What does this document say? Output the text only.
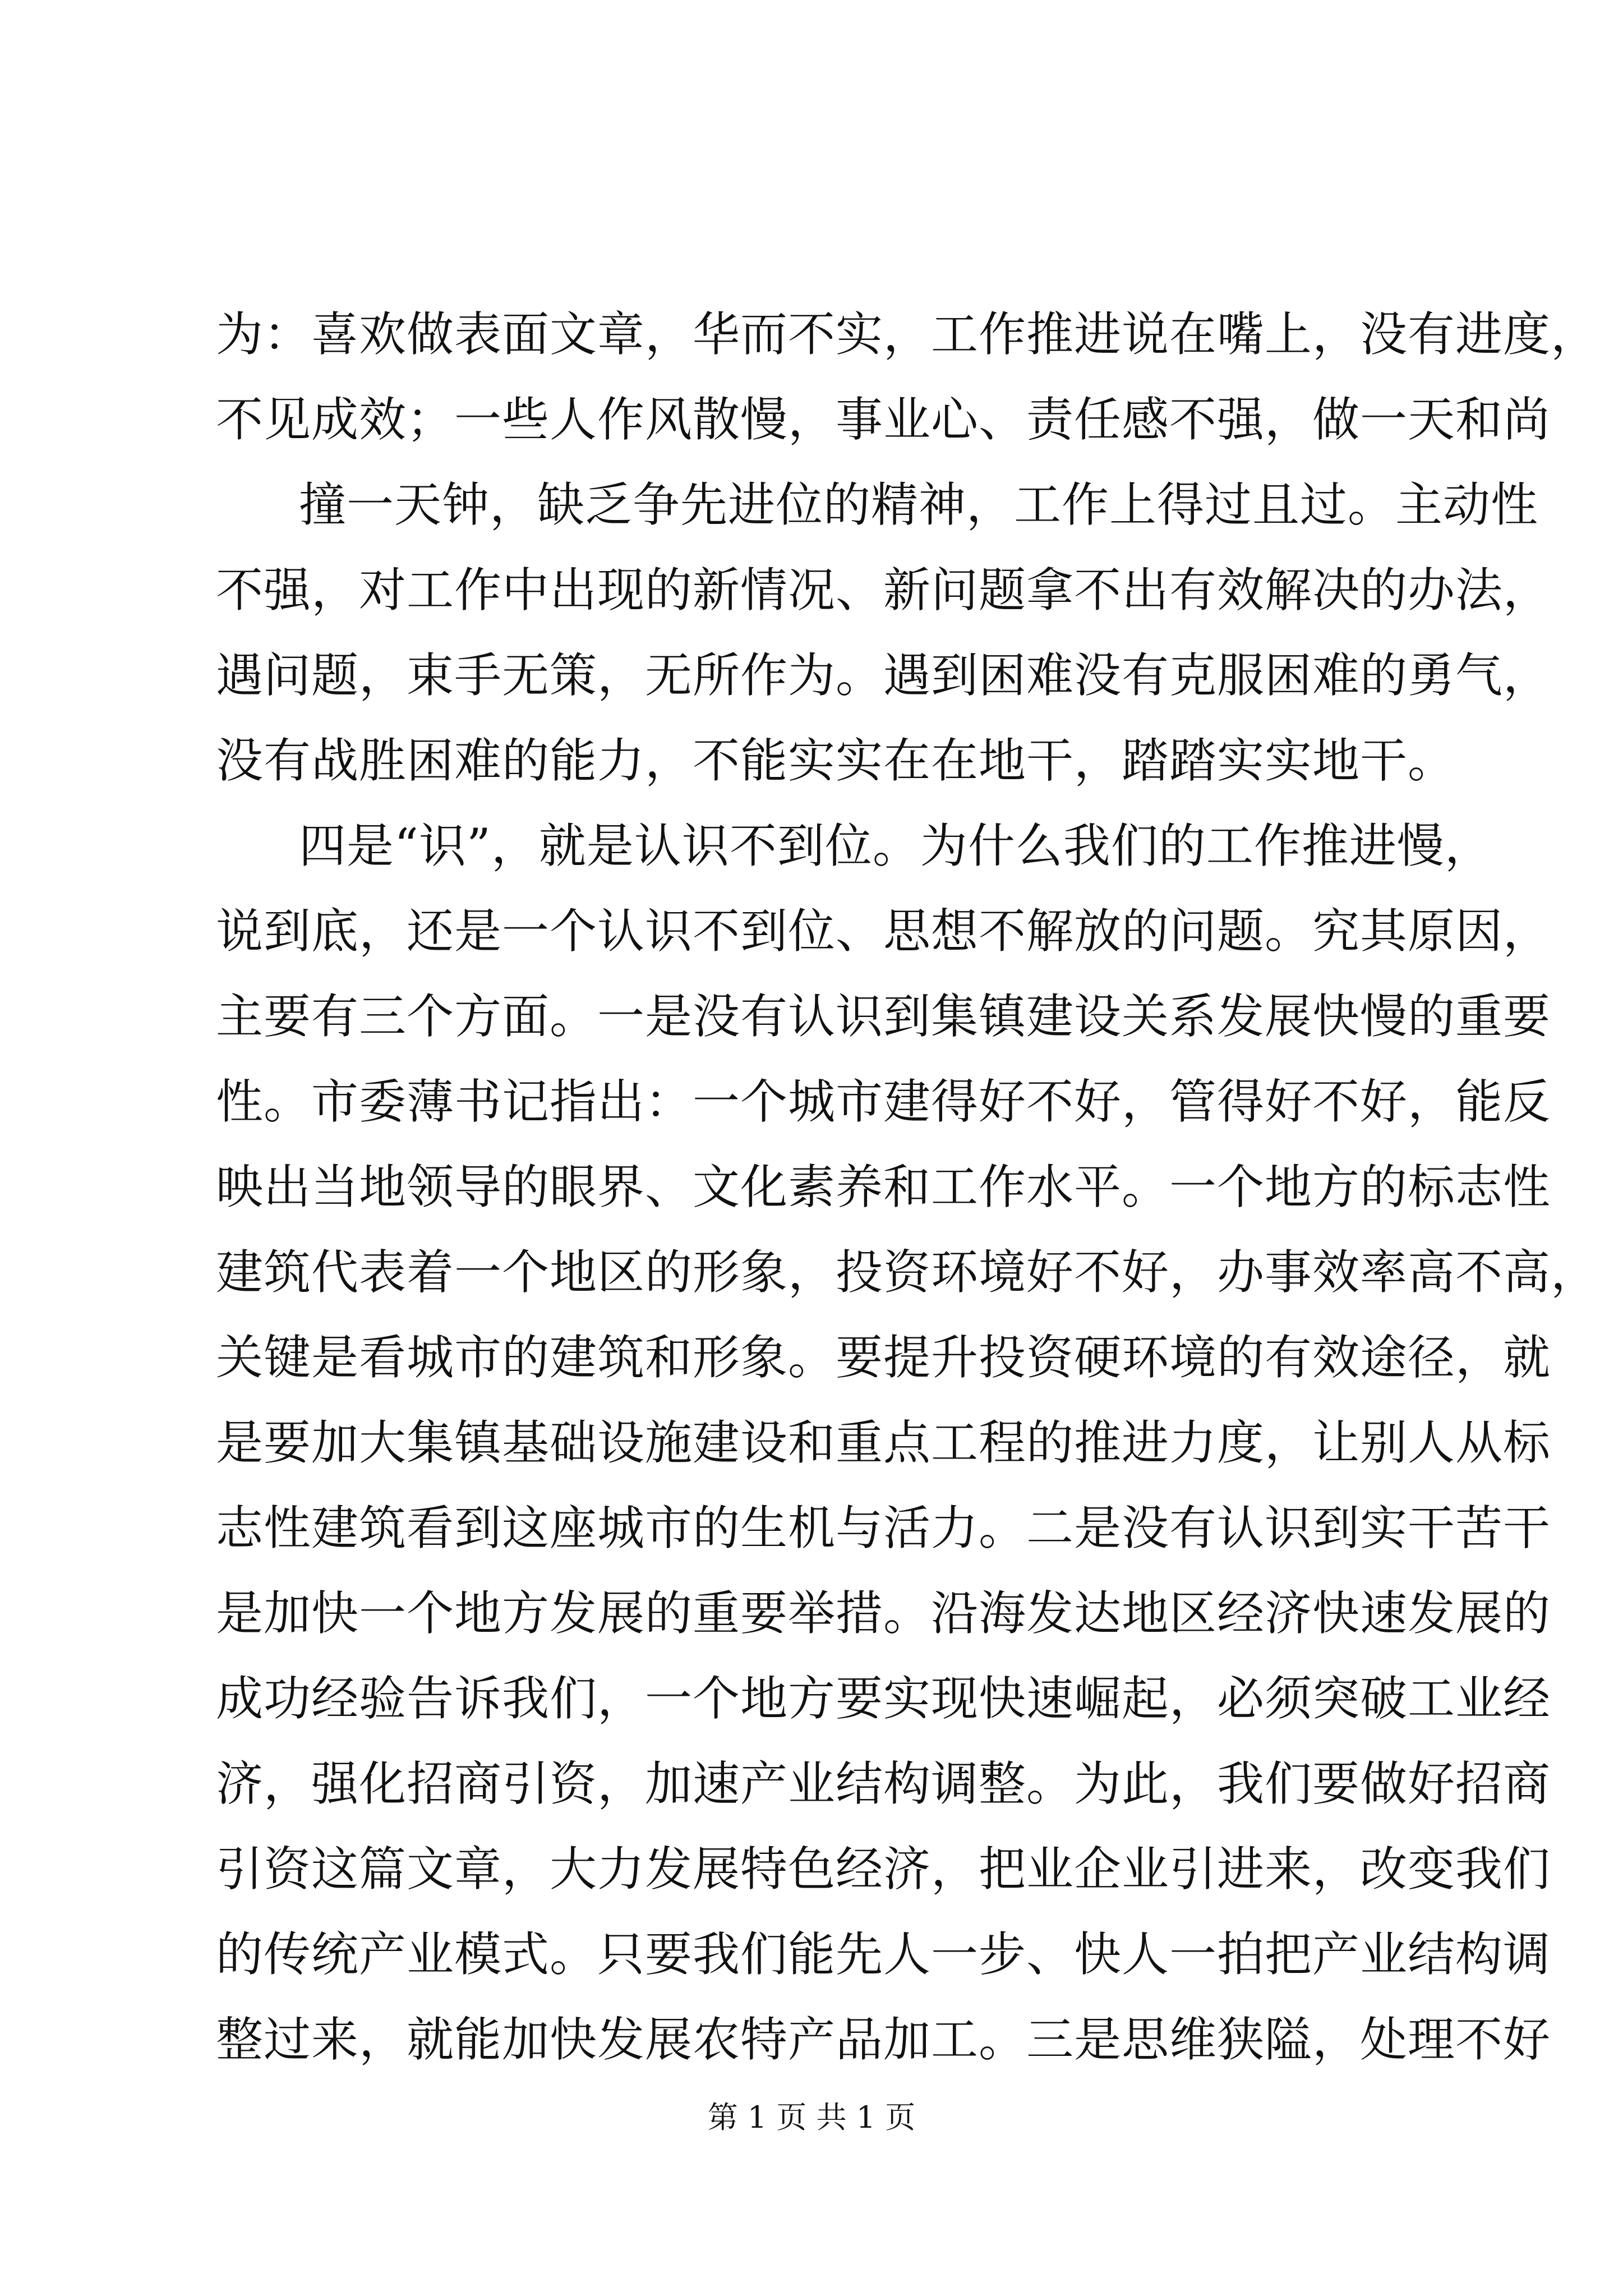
为：喜欢做表面文章，华而不实，工作推进说在嘴上，没有进度，
不见成效；一些人作风散慢，事业心、责任感不强，做一天和尚
撞一天钟，缺乏争先进位的精神，工作上得过且过。主动性
不强，对工作中出现的新情况、新问题拿不出有效解决的办法，
遇问题，束手无策，无所作为。遇到困难没有克服困难的勇气，
没有战胜困难的能力，不能实实在在地干，踏踏实实地干。
四是“识”，就是认识不到位。为什么我们的工作推进慢，
说到底，还是一个认识不到位、思想不解放的问题。究其原因，
主要有三个方面。一是没有认识到集镇建设关系发展快慢的重要
性。市委薄书记指出：一个城市建得好不好，管得好不好，能反
映出当地领导的眼界、文化素养和工作水平。一个地方的标志性
建筑代表着一个地区的形象，投资环境好不好，办事效率高不高，
关键是看城市的建筑和形象。要提升投资硬环境的有效途径，就
是要加大集镇基础设施建设和重点工程的推进力度，让别人从标
志性建筑看到这座城市的生机与活力。二是没有认识到实干苦干
是加快一个地方发展的重要举措。沿海发达地区经济快速发展的
成功经验告诉我们，一个地方要实现快速崛起，必须突破工业经
济，强化招商引资，加速产业结构调整。为此，我们要做好招商
引资这篇文章，大力发展特色经济，把业企业引进来，改变我们
的传统产业模式。只要我们能先人一步、快人一拍把产业结构调
整过来，就能加快发展农特产品加工。三是思维狭隘，处理不好
第 1 页 共 1 页
